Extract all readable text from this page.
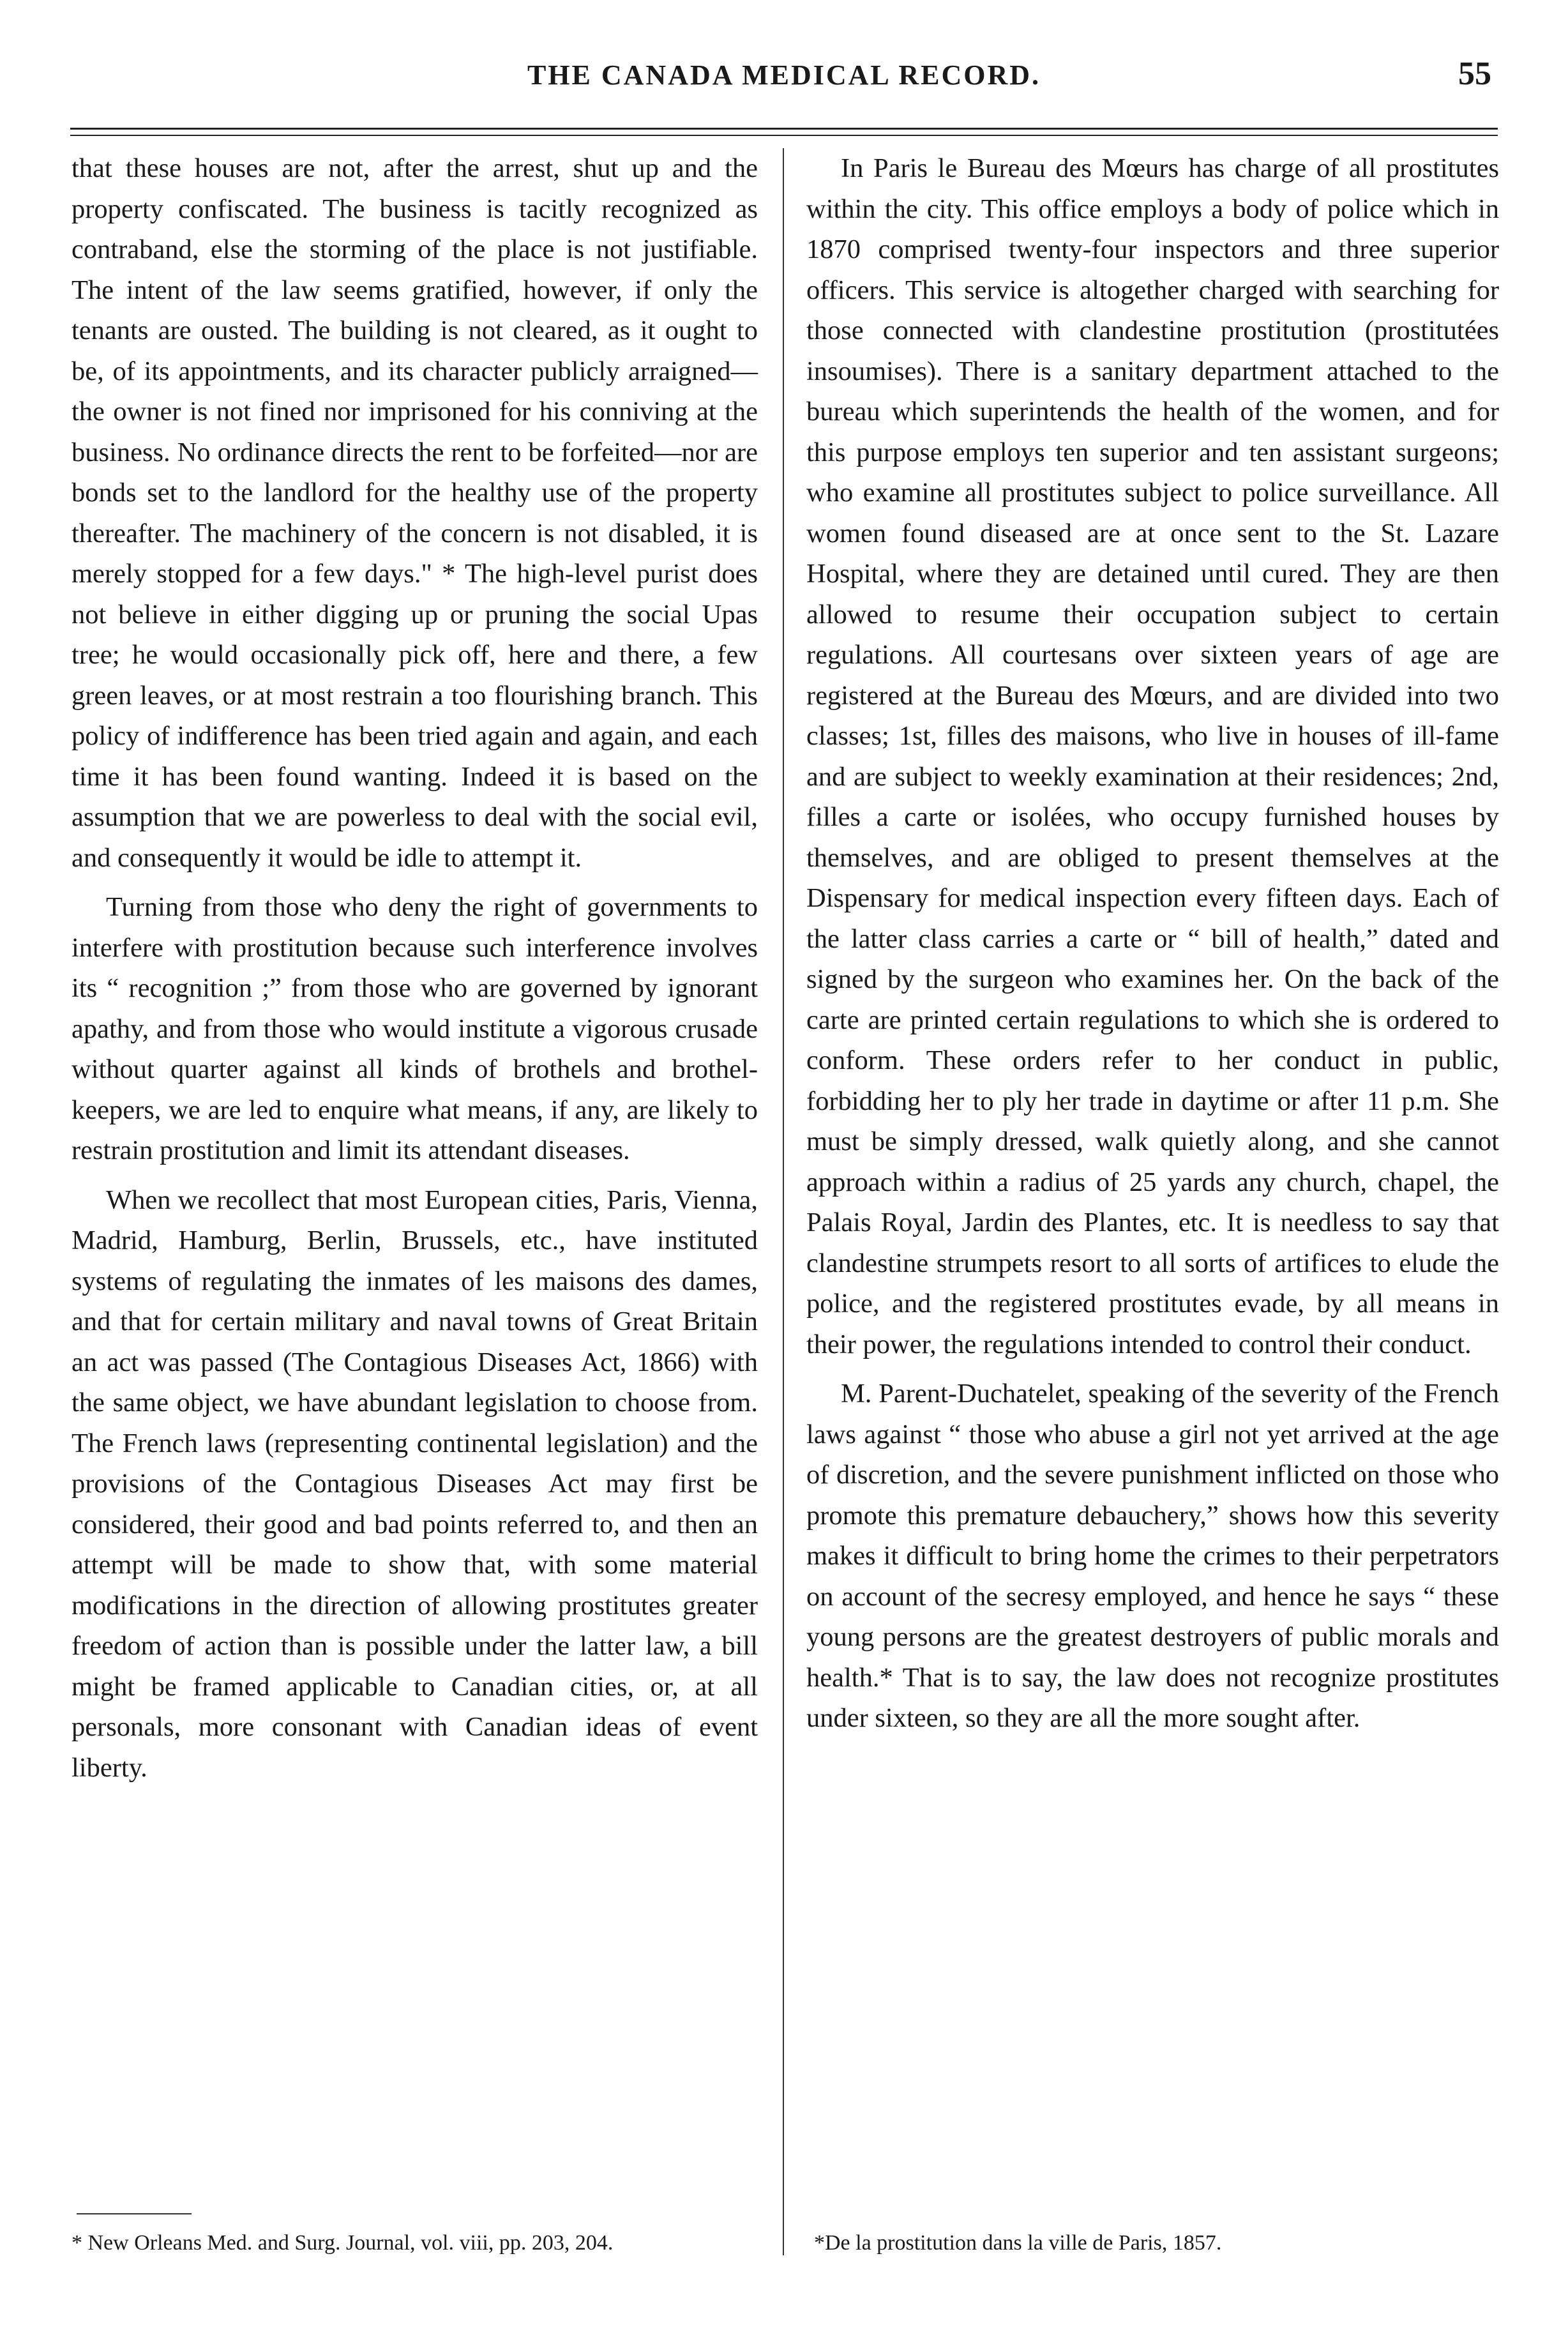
THE CANADA MEDICAL RECORD.	55

that these houses are not, after the arrest, shut up and the property confiscated. The business is tacitly recognized as contraband, else the storming of the place is not justifiable. The intent of the law seems gratified, however, if only the tenants are ousted. The building is not cleared, as it ought to be, of its appointments, and its character publicly arraigned—the owner is not fined nor imprisoned for his conniving at the business. No ordinance directs the rent to be forfeited—nor are bonds set to the landlord for the healthy use of the property thereafter. The machinery of the concern is not disabled, it is merely stopped for a few days." * The high-level purist does not believe in either digging up or pruning the social Upas tree; he would occasionally pick off, here and there, a few green leaves, or at most restrain a too flourishing branch. This policy of indifference has been tried again and again, and each time it has been found wanting. Indeed it is based on the assumption that we are powerless to deal with the social evil, and consequently it would be idle to attempt it.

Turning from those who deny the right of governments to interfere with prostitution because such interference involves its “ recognition ;” from those who are governed by ignorant apathy, and from those who would institute a vigorous crusade without quarter against all kinds of brothels and brothel-keepers, we are led to enquire what means, if any, are likely to restrain prostitution and limit its attendant diseases.

When we recollect that most European cities, Paris, Vienna, Madrid, Hamburg, Berlin, Brussels, etc., have instituted systems of regulating the inmates of les maisons des dames, and that for certain military and naval towns of Great Britain an act was passed (The Contagious Diseases Act, 1866) with the same object, we have abundant legislation to choose from. The French laws (representing continental legislation) and the provisions of the Contagious Diseases Act may first be considered, their good and bad points referred to, and then an attempt will be made to show that, with some material modifications in the direction of allowing prostitutes greater freedom of action than is possible under the latter law, a bill might be framed applicable to Canadian cities, or, at all personals, more consonant with Canadian ideas of event liberty.

In Paris le Bureau des Mœurs has charge of all prostitutes within the city. This office employs a body of police which in 1870 comprised twenty-four inspectors and three superior officers. This service is altogether charged with searching for those connected with clandestine prostitution (prostitutées insoumises). There is a sanitary department attached to the bureau which superintends the health of the women, and for this purpose employs ten superior and ten assistant surgeons; who examine all prostitutes subject to police surveillance. All women found diseased are at once sent to the St. Lazare Hospital, where they are detained until cured. They are then allowed to resume their occupation subject to certain regulations. All courtesans over sixteen years of age are registered at the Bureau des Mœurs, and are divided into two classes; 1st, filles des maisons, who live in houses of ill-fame and are subject to weekly examination at their residences; 2nd, filles a carte or isolées, who occupy furnished houses by themselves, and are obliged to present themselves at the Dispensary for medical inspection every fifteen days. Each of the latter class carries a carte or “ bill of health,” dated and signed by the surgeon who examines her. On the back of the carte are printed certain regulations to which she is ordered to conform. These orders refer to her conduct in public, forbidding her to ply her trade in daytime or after 11 p.m. She must be simply dressed, walk quietly along, and she cannot approach within a radius of 25 yards any church, chapel, the Palais Royal, Jardin des Plantes, etc. It is needless to say that clandestine strumpets resort to all sorts of artifices to elude the police, and the registered prostitutes evade, by all means in their power, the regulations intended to control their conduct.

M. Parent-Duchatelet, speaking of the severity of the French laws against “ those who abuse a girl not yet arrived at the age of discretion, and the severe punishment inflicted on those who promote this premature debauchery,” shows how this severity makes it difficult to bring home the crimes to their perpetrators on account of the secresy employed, and hence he says “ these young persons are the greatest destroyers of public morals and health.* That is to say, the law does not recognize prostitutes under sixteen, so they are all the more sought after.

* New Orleans Med. and Surg. Journal, vol. viii, pp. 203, 204.	*De la prostitution dans la ville de Paris, 1857.
